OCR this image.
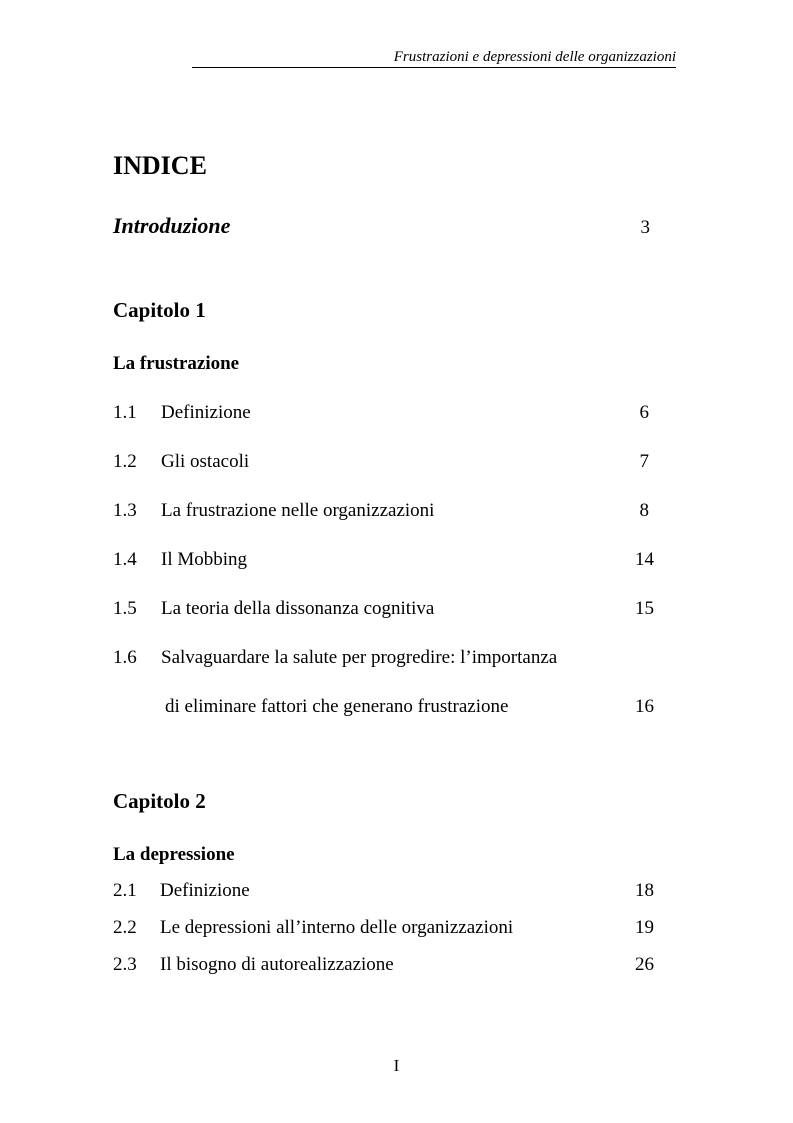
Frustrazioni e depressioni delle organizzazioni
INDICE
Introduzione	3
Capitolo 1
La frustrazione
1.1 Definizione	6
1.2 Gli ostacoli	7
1.3 La frustrazione nelle organizzazioni	8
1.4 Il Mobbing	14
1.5 La teoria della dissonanza cognitiva	15
1.6 Salvaguardare la salute per progredire: l’importanza
di eliminare fattori che generano frustrazione	16
Capitolo 2
La depressione
2.1 Definizione	18
2.2 Le depressioni all’interno delle organizzazioni	19
2.3 Il bisogno di autorealizzazione	26
I
